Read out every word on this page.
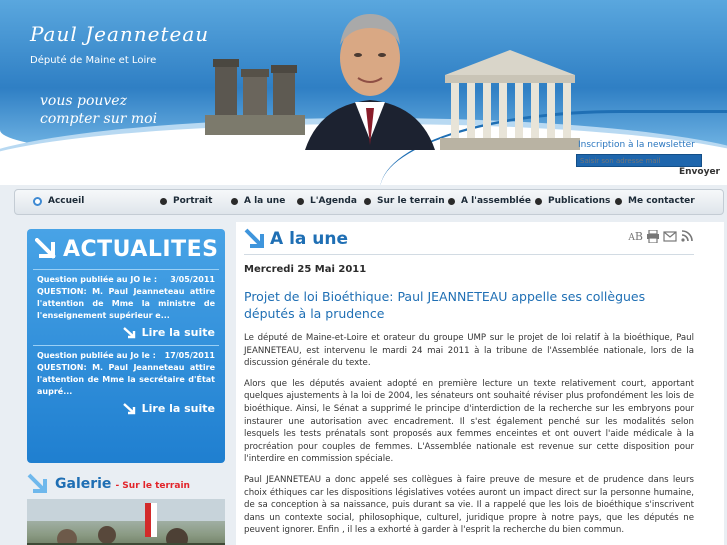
Paul Jeanneteau
Député de Maine et Loire
vous pouvez compter sur moi
Inscription à la newsletter
Saisir son adresse mail
Envoyer
Accueil	Portrait	A la une	L'Agenda Sur le terrain A l'assemblée Publications Me contacter
ACTUALITES
Question publiée au JO le : 3/05/2011
QUESTION: M. Paul Jeanneteau attire l'attention de Mme la ministre de l'enseignement supérieur e...
Lire la suite
Question publiée au Jo le : 17/05/2011
QUESTION: M. Paul Jeanneteau attire l'attention de Mme la secrétaire d'État aupré...
Lire la suite
Galerie - Sur le terrain
A la une	AB
Mercredi 25 Mai 2011
Projet de loi Bioéthique: Paul JEANNETEAU appelle ses collègues députés à la prudence

Le député de Maine-et-Loire et orateur du groupe UMP sur le projet de loi relatif à la bioéthique, Paul JEANNETEAU, est intervenu le mardi 24 mai 2011 à la tribune de l'Assemblée nationale, lors de la discussion générale du texte.

Alors que les députés avaient adopté en première lecture un texte relativement court, apportant quelques ajustements à la loi de 2004, les sénateurs ont souhaité réviser plus profondément les lois de bioéthique. Ainsi, le Sénat a supprimé le principe d'interdiction de la recherche sur les embryons pour instaurer une autorisation avec encadrement. Il s'est également penché sur les modalités selon lesquels les tests prénatals sont proposés aux femmes enceintes et ont ouvert l'aide médicale à la procréation pour couples de femmes. L'Assemblée nationale est revenue sur cette disposition pour l'interdire en commission spéciale.

Paul JEANNETEAU a donc appelé ses collègues à faire preuve de mesure et de prudence dans leurs choix éthiques car les dispositions législatives votées auront un impact direct sur la personne humaine, de sa conception à sa naissance, puis durant sa vie. Il a rappelé que les lois de bioéthique s'inscrivent dans un contexte social, philosophique, culturel, juridique propre à notre pays, que les députés ne peuvent ignorer. Enfin , il les a exhorté à garder à l'esprit la recherche du bien commun.
